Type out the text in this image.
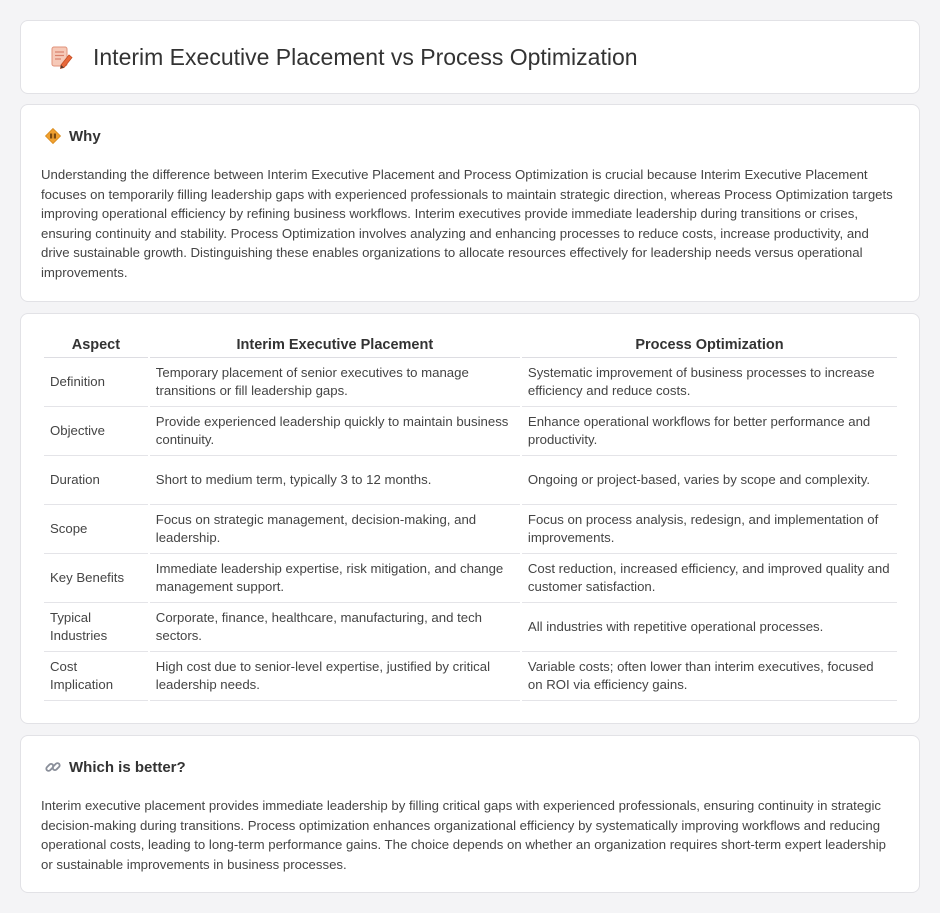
Interim Executive Placement vs Process Optimization
Why

Understanding the difference between Interim Executive Placement and Process Optimization is crucial because Interim Executive Placement focuses on temporarily filling leadership gaps with experienced professionals to maintain strategic direction, whereas Process Optimization targets improving operational efficiency by refining business workflows. Interim executives provide immediate leadership during transitions or crises, ensuring continuity and stability. Process Optimization involves analyzing and enhancing processes to reduce costs, increase productivity, and drive sustainable growth. Distinguishing these enables organizations to allocate resources effectively for leadership needs versus operational improvements.

Aspect	Interim Executive Placement	Process Optimization
Definition	Temporary placement of senior executives to manage transitions or fill leadership gaps.	Systematic improvement of business processes to increase efficiency and reduce costs.
Objective	Provide experienced leadership quickly to maintain business continuity.	Enhance operational workflows for better performance and productivity.
Duration	Short to medium term, typically 3 to 12 months.	Ongoing or project-based, varies by scope and complexity.
Scope	Focus on strategic management, decision-making, and leadership.	Focus on process analysis, redesign, and implementation of improvements.
Key Benefits	Immediate leadership expertise, risk mitigation, and change management support.	Cost reduction, increased efficiency, and improved quality and customer satisfaction.
Typical Industries	Corporate, finance, healthcare, manufacturing, and tech sectors.	All industries with repetitive operational processes.
Cost Implication	High cost due to senior-level expertise, justified by critical leadership needs.	Variable costs; often lower than interim executives, focused on ROI via efficiency gains.
Which is better?

Interim executive placement provides immediate leadership by filling critical gaps with experienced professionals, ensuring continuity in strategic decision-making during transitions. Process optimization enhances organizational efficiency by systematically improving workflows and reducing operational costs, leading to long-term performance gains. The choice depends on whether an organization requires short-term expert leadership or sustainable improvements in business processes.
